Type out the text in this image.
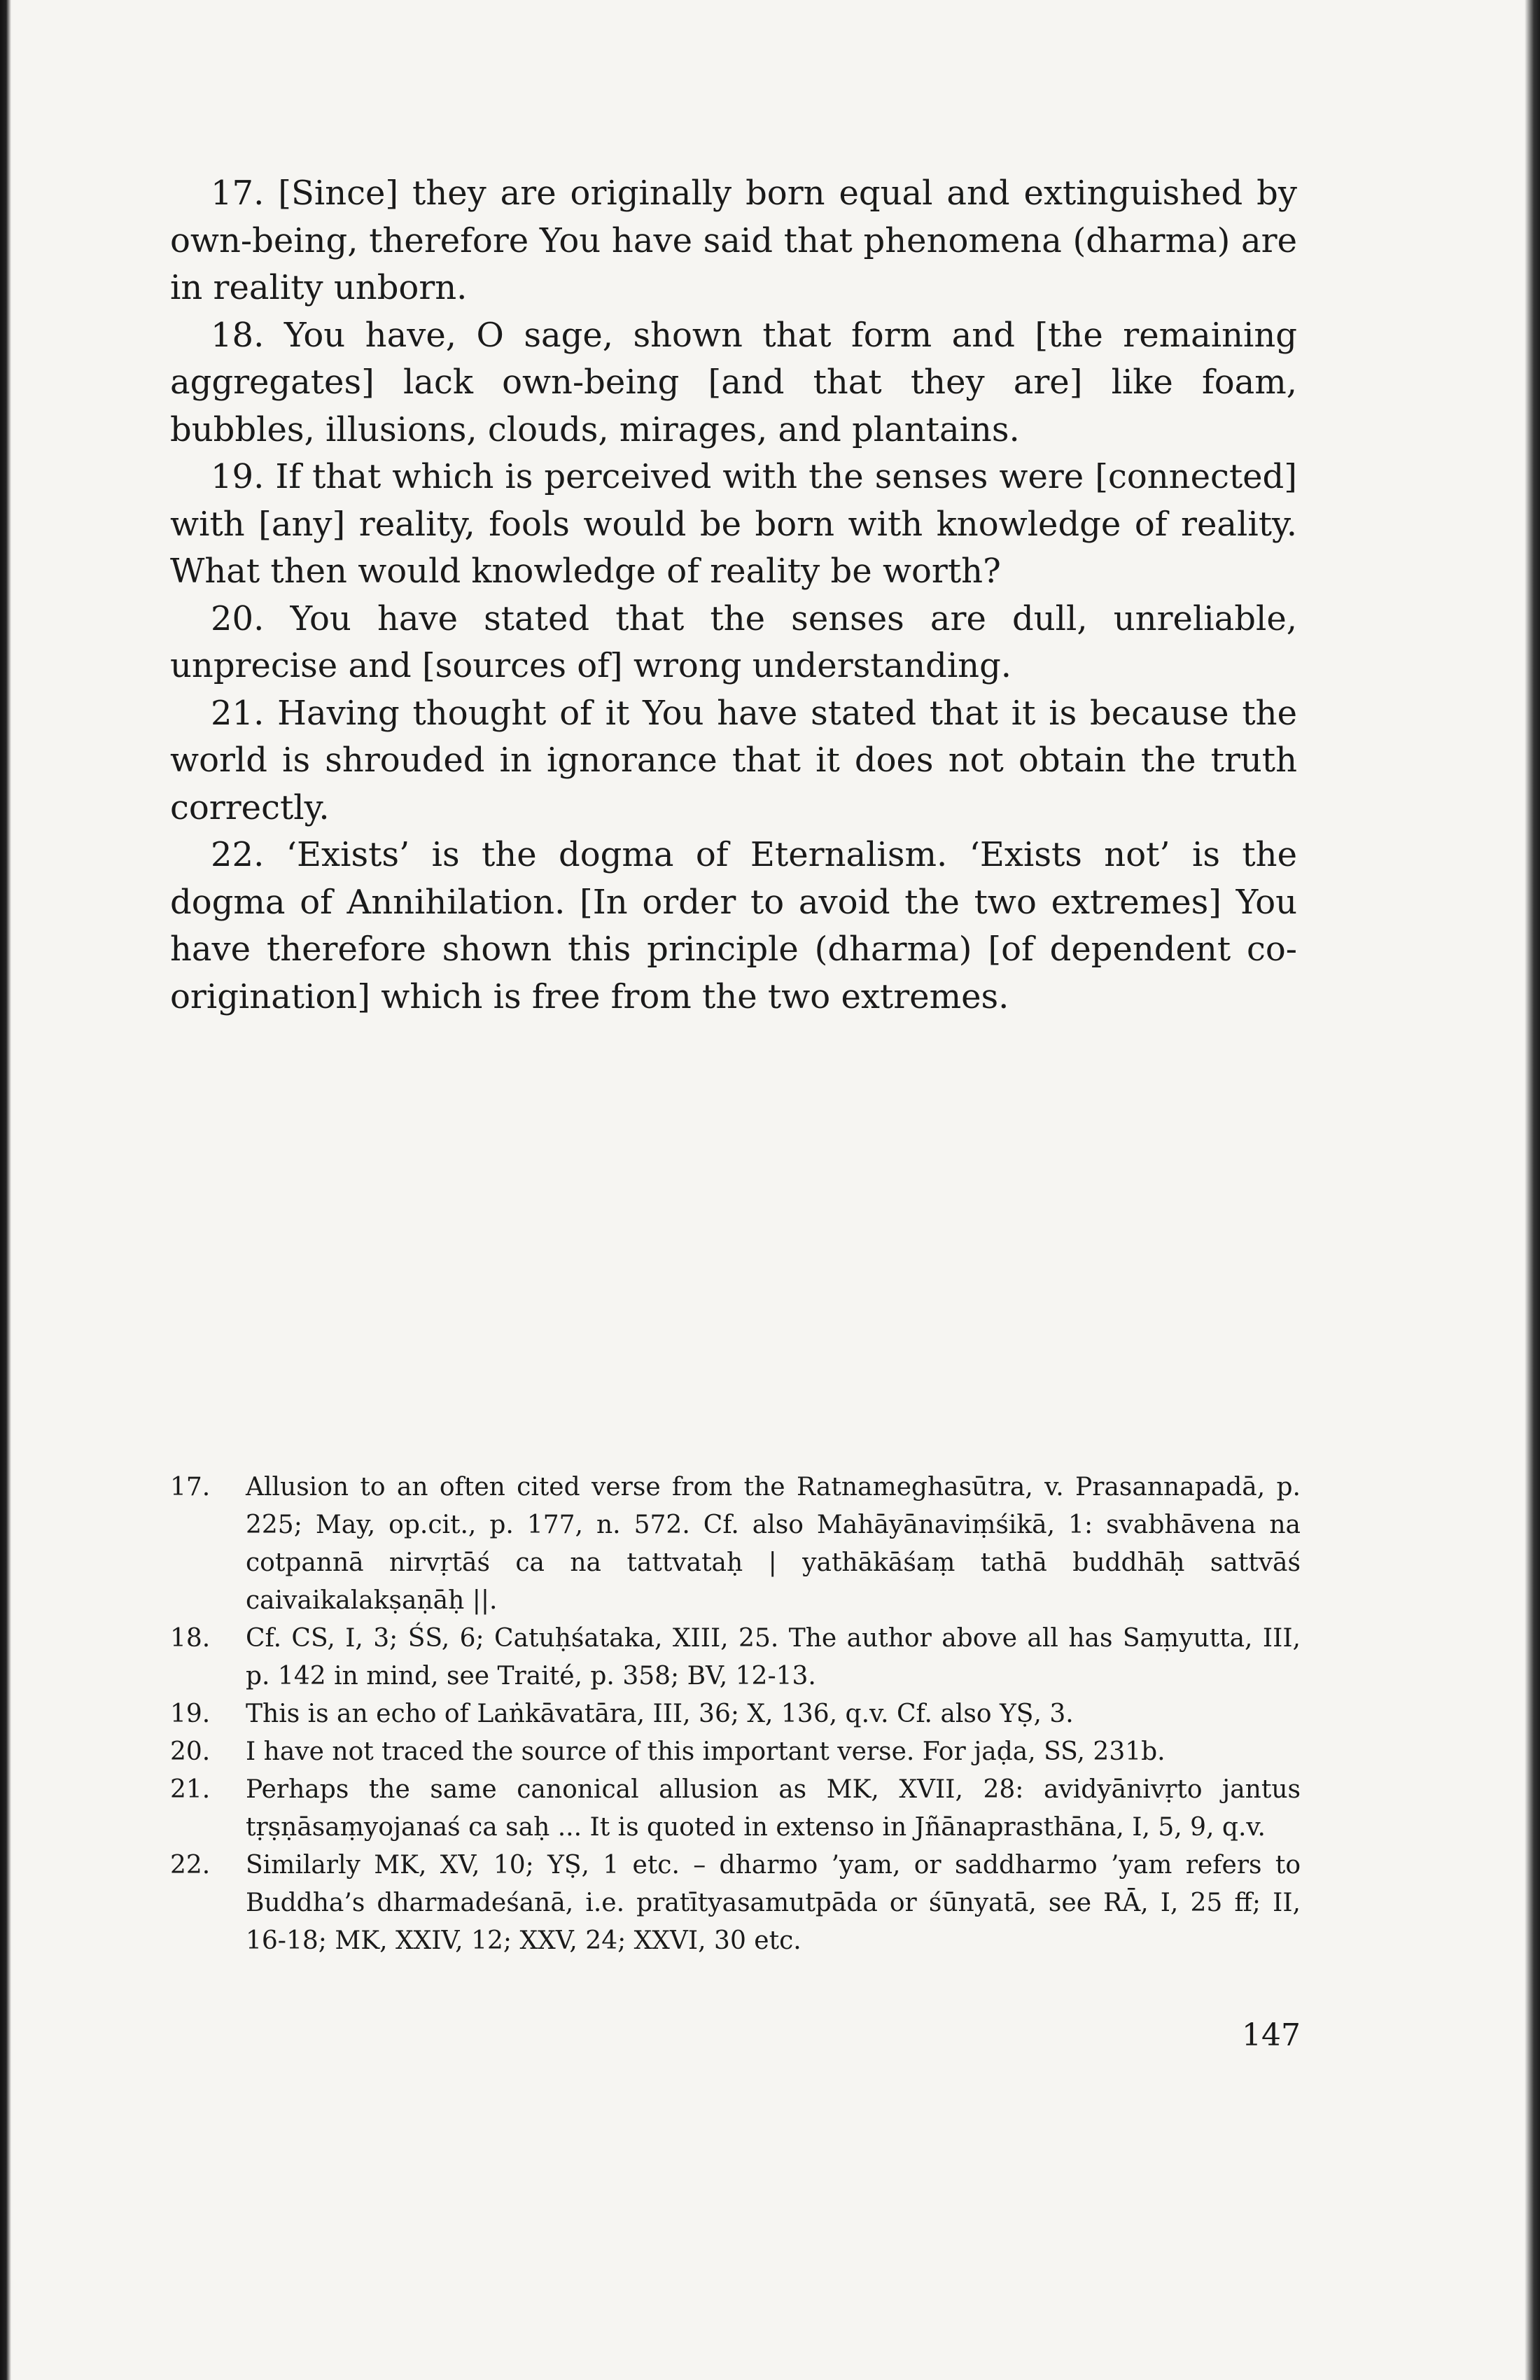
17. [Since] they are originally born equal and extinguished by own-being, therefore You have said that phenomena (dharma) are in reality unborn.

18. You have, O sage, shown that form and [the remaining aggregates] lack own-being [and that they are] like foam, bubbles, illusions, clouds, mirages, and plantains.

19. If that which is perceived with the senses were [connected] with [any] reality, fools would be born with knowledge of reality. What then would knowledge of reality be worth?

20. You have stated that the senses are dull, unreliable, unprecise and [sources of] wrong understanding.

21. Having thought of it You have stated that it is because the world is shrouded in ignorance that it does not obtain the truth correctly.

22. ‘Exists’ is the dogma of Eternalism. ‘Exists not’ is the dogma of Annihilation. [In order to avoid the two extremes] You have therefore shown this principle (dharma) [of dependent co-origination] which is free from the two extremes.

17.	Allusion to an often cited verse from the Ratnameghasūtra, v. Prasannapadā, p. 225; May, op.cit., p. 177, n. 572. Cf. also Mahāyānaviṃśikā, 1: svabhāvena na cotpannā nirvṛtāś ca na tattvataḥ | yathākāśaṃ tathā buddhāḥ sattvāś caivaikalakṣaṇāḥ ||.

18.	Cf. CS, I, 3; ŚS, 6; Catuḥśataka, XIII, 25. The author above all has Saṃyutta, III, p. 142 in mind, see Traité, p. 358; BV, 12-13.

19.	This is an echo of Laṅkāvatāra, III, 36; X, 136, q.v. Cf. also YṢ, 3.

20.	I have not traced the source of this important verse. For jaḍa, SS, 231b.

21.	Perhaps the same canonical allusion as MK, XVII, 28: avidyānivṛto jantus tṛṣṇāsaṃyojanaś ca saḥ ... It is quoted in extenso in Jñānaprasthāna, I, 5, 9, q.v.

22.	Similarly MK, XV, 10; YṢ, 1 etc. – dharmo ’yam, or saddharmo ’yam refers to Buddha’s dharmadeśanā, i.e. pratītyasamutpāda or śūnyatā, see RĀ, I, 25 ff; II, 16-18; MK, XXIV, 12; XXV, 24; XXVI, 30 etc.

147
